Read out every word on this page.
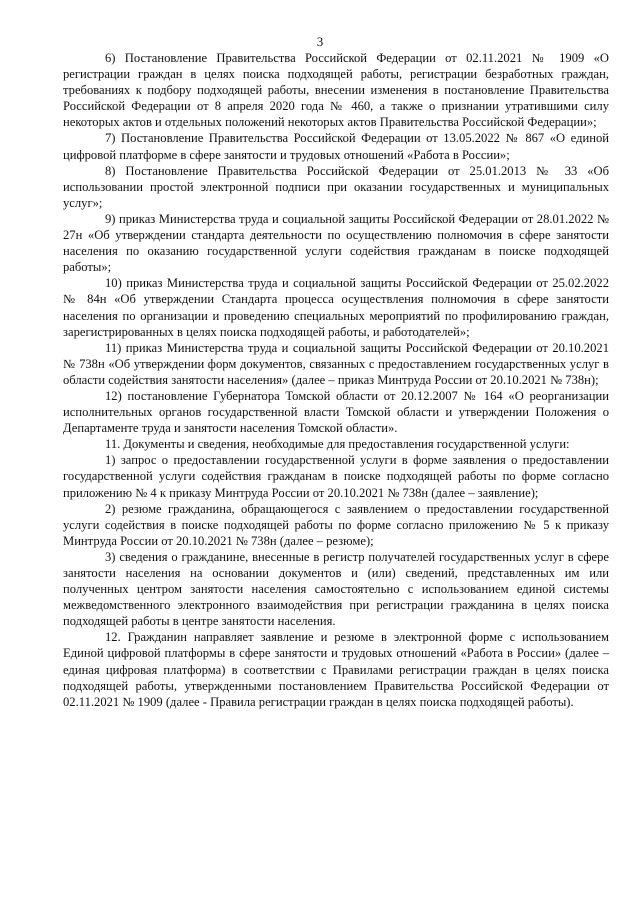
3

6) Постановление Правительства Российской Федерации от 02.11.2021 № 1909 «О регистрации граждан в целях поиска подходящей работы, регистрации безработных граждан, требованиях к подбору подходящей работы, внесении изменения в постановление Правительства Российской Федерации от 8 апреля 2020 года № 460, а также о признании утратившими силу некоторых актов и отдельных положений некоторых актов Правительства Российской Федерации»;

7) Постановление Правительства Российской Федерации от 13.05.2022 № 867 «О единой цифровой платформе в сфере занятости и трудовых отношений «Работа в России»;

8) Постановление Правительства Российской Федерации от 25.01.2013 № 33 «Об использовании простой электронной подписи при оказании государственных и муниципальных услуг»;

9) приказ Министерства труда и социальной защиты Российской Федерации от 28.01.2022 № 27н «Об утверждении стандарта деятельности по осуществлению полномочия в сфере занятости населения по оказанию государственной услуги содействия гражданам в поиске подходящей работы»;

10) приказ Министерства труда и социальной защиты Российской Федерации от 25.02.2022 № 84н «Об утверждении Стандарта процесса осуществления полномочия в сфере занятости населения по организации и проведению специальных мероприятий по профилированию граждан, зарегистрированных в целях поиска подходящей работы, и работодателей»;

11) приказ Министерства труда и социальной защиты Российской Федерации от 20.10.2021 № 738н «Об утверждении форм документов, связанных с предоставлением государственных услуг в области содействия занятости населения» (далее – приказ Минтруда России от 20.10.2021 № 738н);

12) постановление Губернатора Томской области от 20.12.2007 № 164 «О реорганизации исполнительных органов государственной власти Томской области и утверждении Положения о Департаменте труда и занятости населения Томской области».

11. Документы и сведения, необходимые для предоставления государственной услуги:

1) запрос о предоставлении государственной услуги в форме заявления о предоставлении государственной услуги содействия гражданам в поиске подходящей работы по форме согласно приложению № 4 к приказу Минтруда России от 20.10.2021 № 738н (далее – заявление);

2) резюме гражданина, обращающегося с заявлением о предоставлении государственной услуги содействия в поиске подходящей работы по форме согласно приложению № 5 к приказу Минтруда России от 20.10.2021 № 738н (далее – резюме);

3) сведения о гражданине, внесенные в регистр получателей государственных услуг в сфере занятости населения на основании документов и (или) сведений, представленных им или полученных центром занятости населения самостоятельно с использованием единой системы межведомственного электронного взаимодействия при регистрации гражданина в целях поиска подходящей работы в центре занятости населения.

12. Гражданин направляет заявление и резюме в электронной форме с использованием Единой цифровой платформы в сфере занятости и трудовых отношений «Работа в России» (далее – единая цифровая платформа) в соответствии с Правилами регистрации граждан в целях поиска подходящей работы, утвержденными постановлением Правительства Российской Федерации от 02.11.2021 № 1909 (далее - Правила регистрации граждан в целях поиска подходящей работы).
